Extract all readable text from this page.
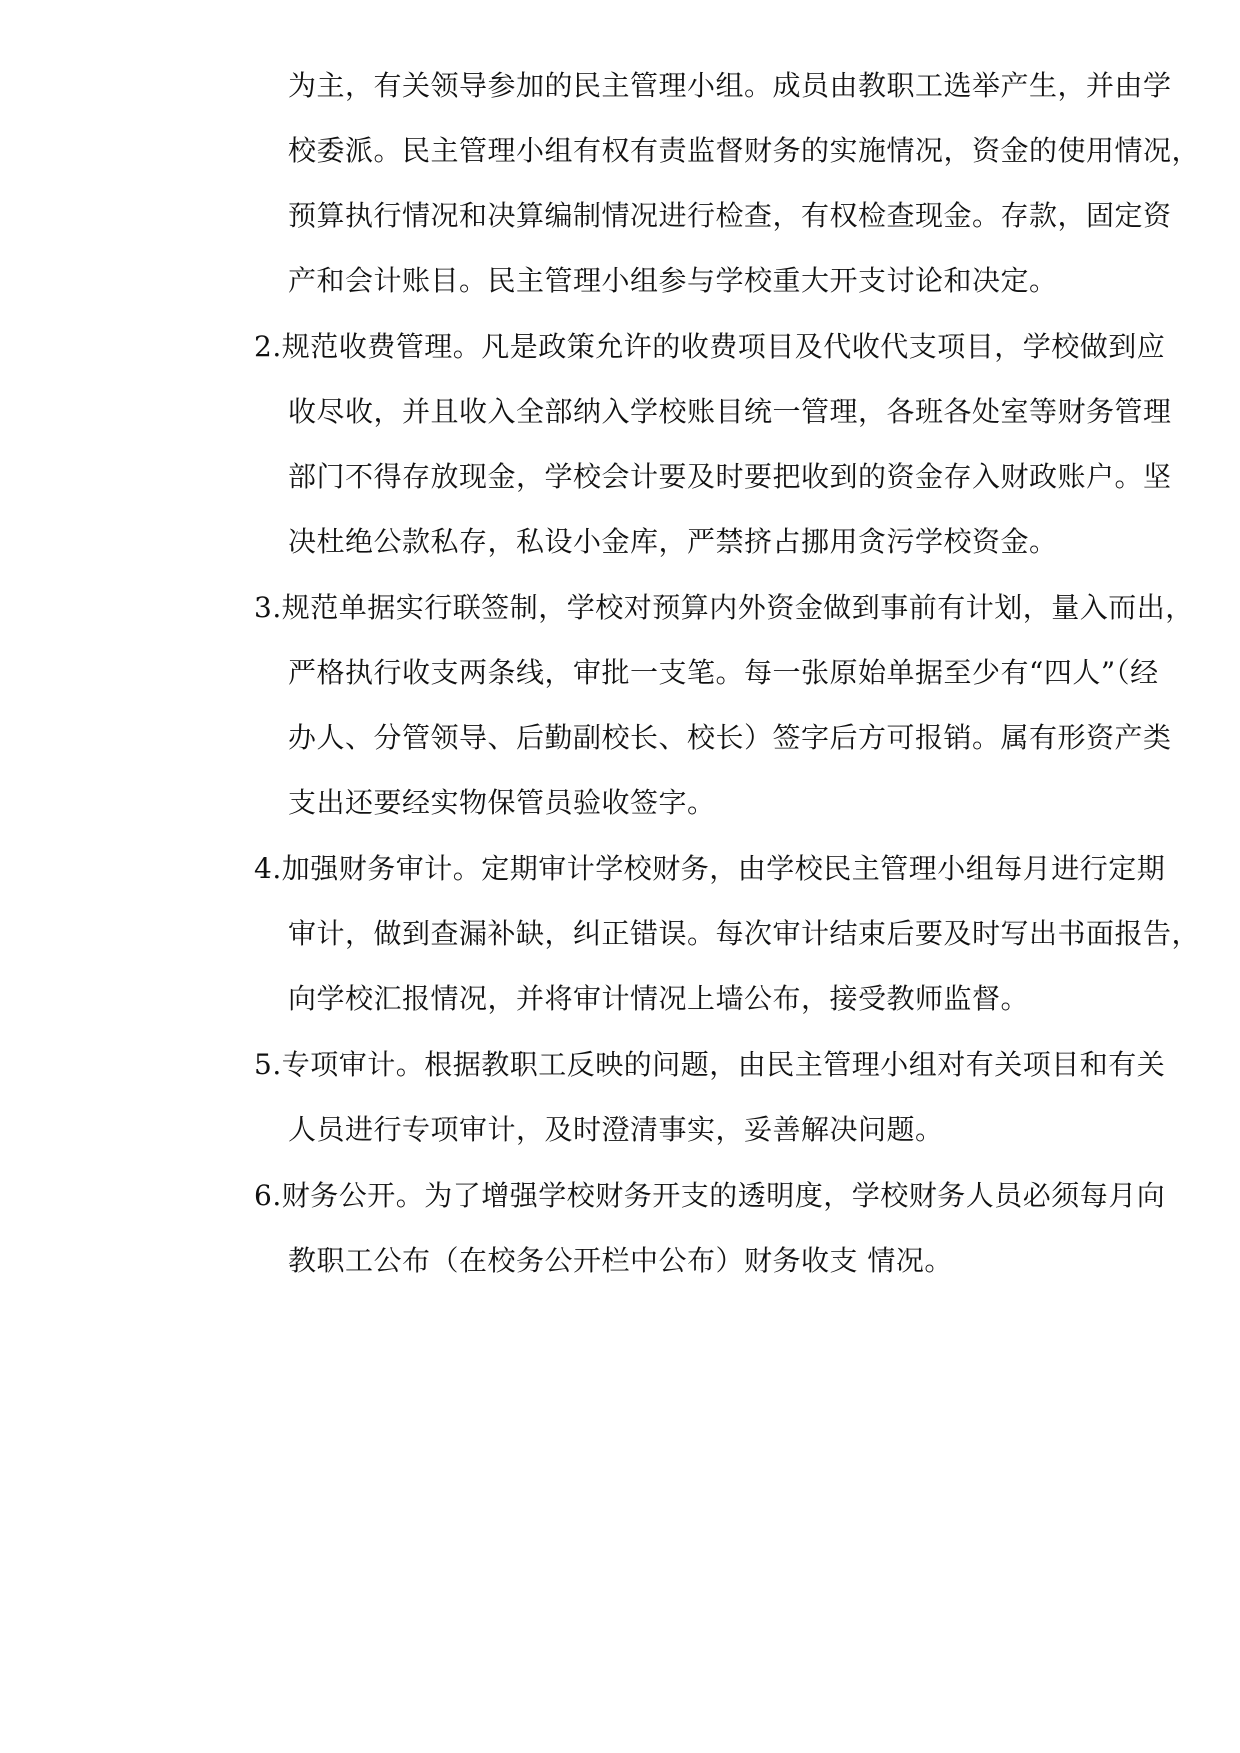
为主，有关领导参加的民主管理小组。成员由教职工选举产生，并由学
校委派。民主管理小组有权有责监督财务的实施情况，资金的使用情况，
预算执行情况和决算编制情况进行检查，有权检查现金。存款，固定资
产和会计账目。民主管理小组参与学校重大开支讨论和决定。
2.规范收费管理。凡是政策允许的收费项目及代收代支项目，学校做到应
收尽收，并且收入全部纳入学校账目统一管理，各班各处室等财务管理
部门不得存放现金，学校会计要及时要把收到的资金存入财政账户。坚
决杜绝公款私存，私设小金库，严禁挤占挪用贪污学校资金。
3.规范单据实行联签制，学校对预算内外资金做到事前有计划，量入而出，
严格执行收支两条线，审批一支笔。每一张原始单据至少有“四人”（经
办人、分管领导、后勤副校长、校长）签字后方可报销。属有形资产类
支出还要经实物保管员验收签字。
4.加强财务审计。定期审计学校财务，由学校民主管理小组每月进行定期
审计，做到查漏补缺，纠正错误。每次审计结束后要及时写出书面报告，
向学校汇报情况，并将审计情况上墙公布，接受教师监督。
5.专项审计。根据教职工反映的问题，由民主管理小组对有关项目和有关
人员进行专项审计，及时澄清事实，妥善解决问题。
6.财务公开。为了增强学校财务开支的透明度，学校财务人员必须每月向
教职工公布（在校务公开栏中公布）财务收支 情况。
